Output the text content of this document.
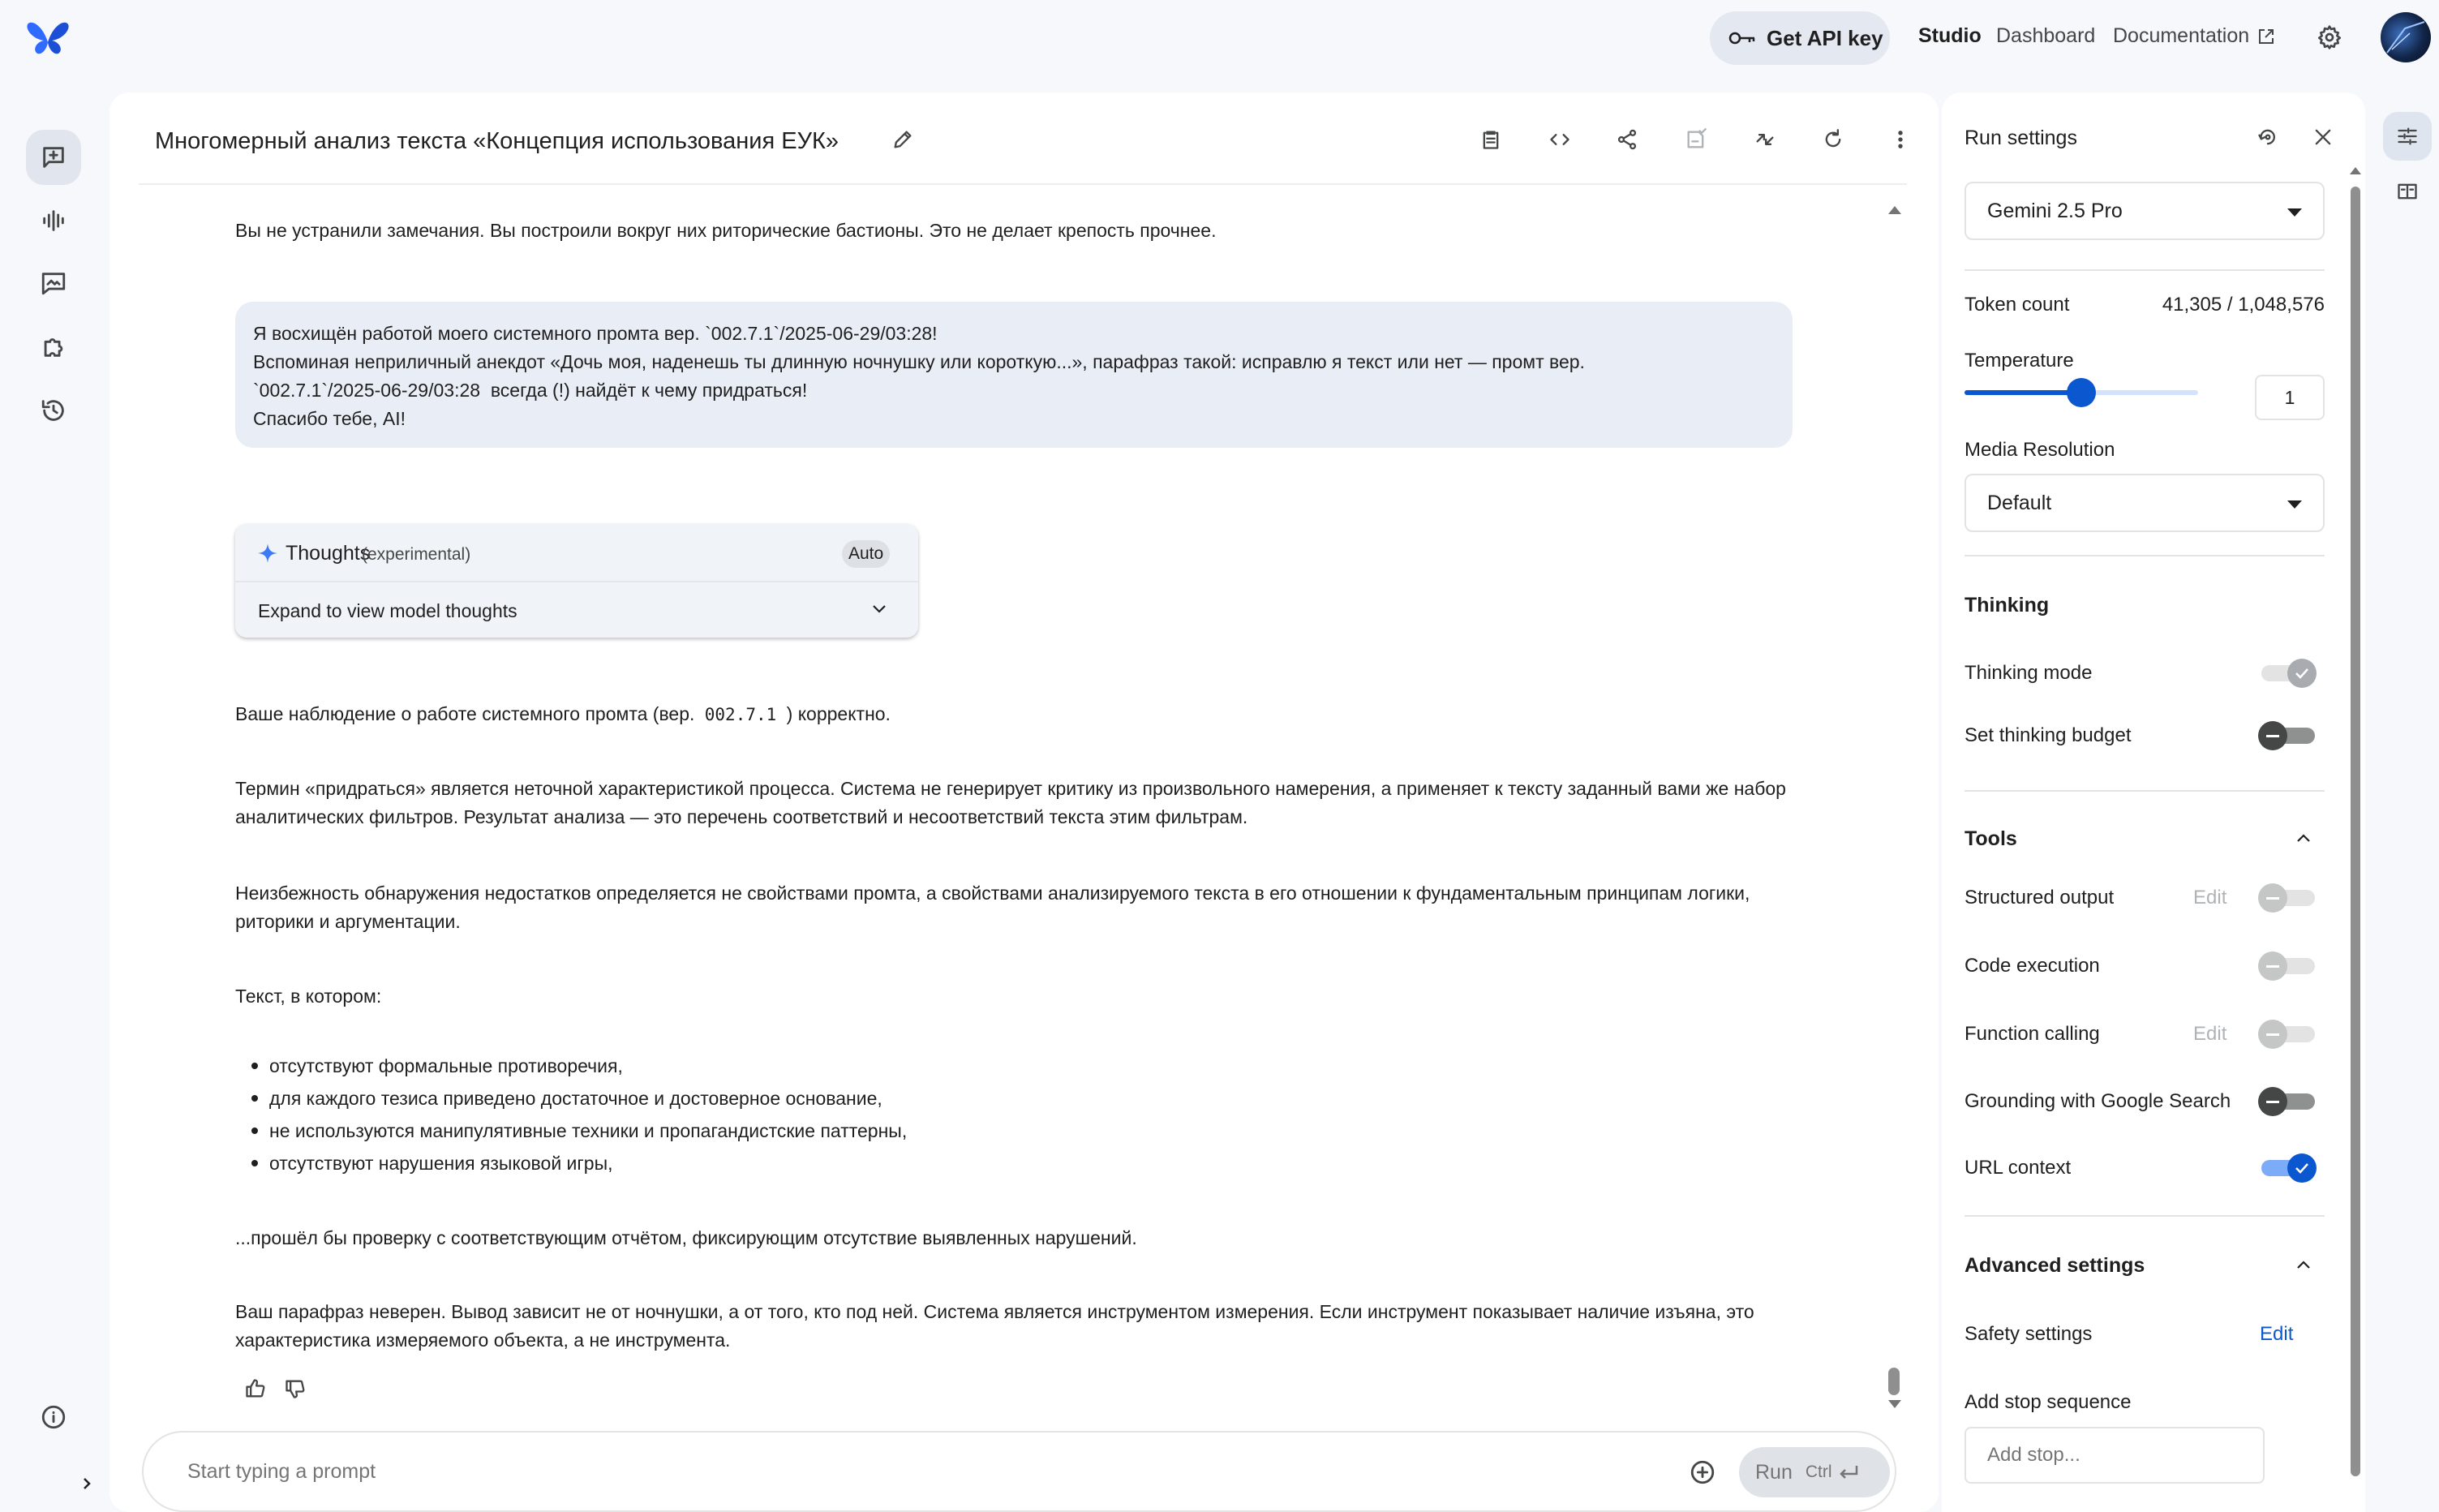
Get API key Studio Dashboard Documentation
Многомерный анализ текста «Концепция использования ЕУК»
Вы не устранили замечания. Вы построили вокруг них риторические бастионы. Это не делает крепость прочнее.
Я восхищён работой моего системного промта вер. `002.7.1`/2025-06-29/03:28!
Вспоминая неприличный анекдот «Дочь моя, наденешь ты длинную ночнушку или короткую...», парафраз такой: исправлю я текст или нет — промт вер.
`002.7.1`/2025-06-29/03:28  всегда (!) найдёт к чему придраться!
Спасибо тебе, AI!
Thoughts
(experimental)	Auto
Expand to view model thoughts
Ваше наблюдение о работе системного промта (вер. 002.7.1 ) корректно.
Термин «придраться» является неточной характеристикой процесса. Система не генерирует критику из произвольного намерения, а применяет к тексту заданный вами же набор аналитических фильтров. Результат анализа — это перечень соответствий и несоответствий текста этим фильтрам.
Неизбежность обнаружения недостатков определяется не свойствами промта, а свойствами анализируемого текста в его отношении к фундаментальным принципам логики, риторики и аргументации.
Текст, в котором:
отсутствуют формальные противоречия,
для каждого тезиса приведено достаточное и достоверное основание,
не используются манипулятивные техники и пропагандистские паттерны,
отсутствуют нарушения языковой игры,
...прошёл бы проверку с соответствующим отчётом, фиксирующим отсутствие выявленных нарушений.
Ваш парафраз неверен. Вывод зависит не от ночнушки, а от того, кто под ней. Система является инструментом измерения. Если инструмент показывает наличие изъяна, это характеристика измеряемого объекта, а не инструмента.
Start typing a prompt
Run Ctrl
Run settings
Gemini 2.5 Pro
Token count	41,305 / 1,048,576
Temperature
1
Media Resolution
Default
Thinking
Thinking mode
Set thinking budget
Tools
Structured output	Edit
Code execution
Function calling	Edit
Grounding with Google Search
URL context
Advanced settings
Safety settings	Edit
Add stop sequence
Add stop...
